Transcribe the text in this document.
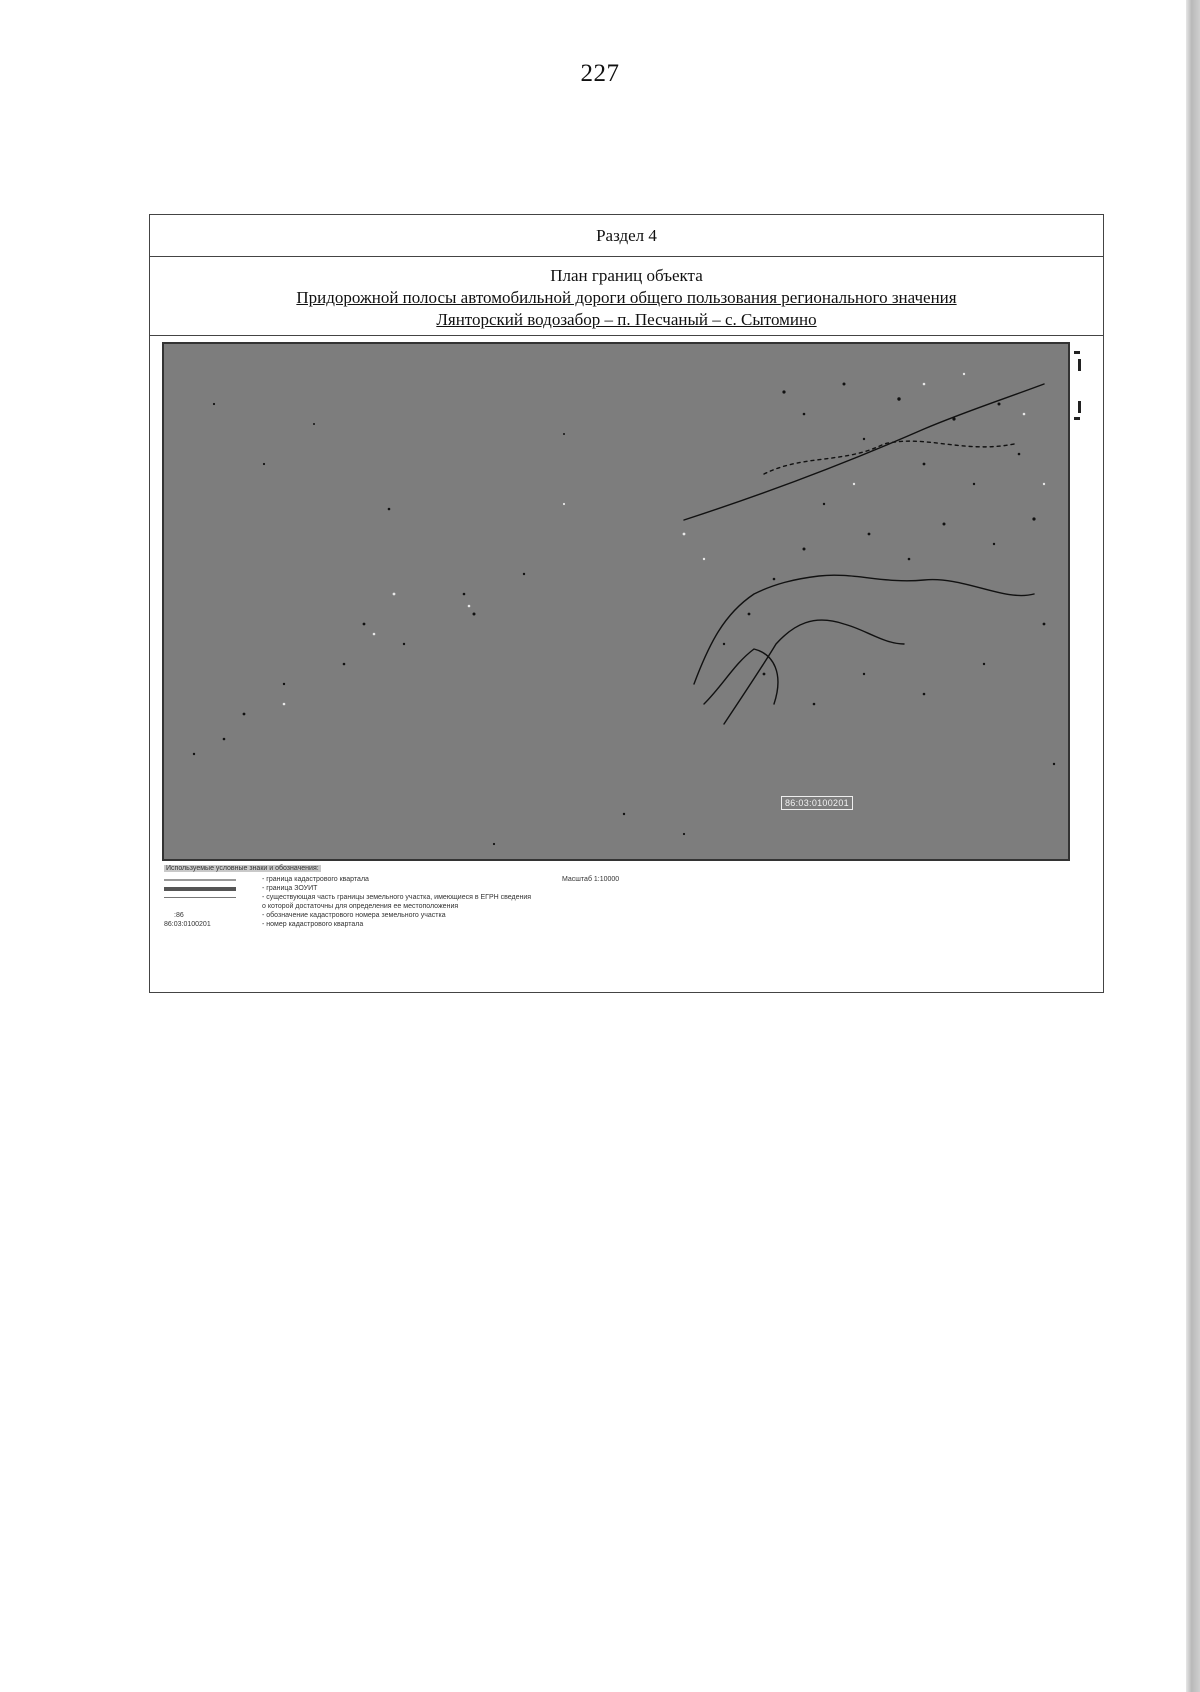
227
Раздел 4
План границ объекта
Придорожной полосы автомобильной дороги общего пользования регионального значения
Лянторский водозабор – п. Песчаный – с. Сытомино
86:03:0100201
Используемые условные знаки и обозначения:
Масштаб 1:10000
- граница кадастрового квартала
- граница ЗОУИТ
- существующая часть границы земельного участка, имеющиеся в ЕГРН сведения
о которой достаточны для определения ее местоположения
:86	- обозначение кадастрового номера земельного участка
86:03:0100201	- номер кадастрового квартала
